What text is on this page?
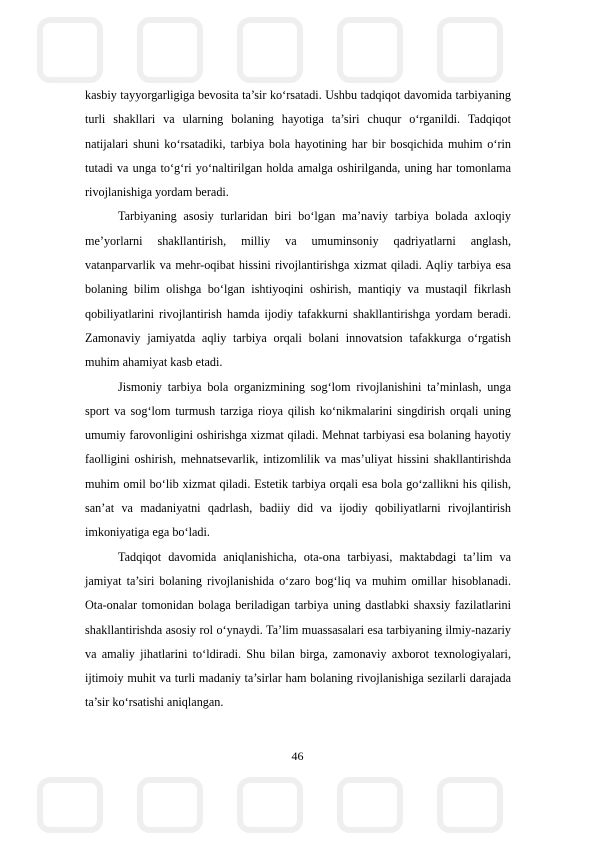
kasbiy tayyorgarligiga bevosita ta’sir ko‘rsatadi. Ushbu tadqiqot davomida tarbiyaning turli shakllari va ularning bolaning hayotiga ta’siri chuqur o‘rganildi. Tadqiqot natijalari shuni ko‘rsatadiki, tarbiya bola hayotining har bir bosqichida muhim o‘rin tutadi va unga to‘g‘ri yo‘naltirilgan holda amalga oshirilganda, uning har tomonlama rivojlanishiga yordam beradi.

Tarbiyaning asosiy turlaridan biri bo‘lgan ma’naviy tarbiya bolada axloqiy me’yorlarni shakllantirish, milliy va umuminsoniy qadriyatlarni anglash, vatanparvarlik va mehr-oqibat hissini rivojlantirishga xizmat qiladi. Aqliy tarbiya esa bolaning bilim olishga bo‘lgan ishtiyoqini oshirish, mantiqiy va mustaqil fikrlash qobiliyatlarini rivojlantirish hamda ijodiy tafakkurni shakllantirishga yordam beradi. Zamonaviy jamiyatda aqliy tarbiya orqali bolani innovatsion tafakkurga o‘rgatish muhim ahamiyat kasb etadi.

Jismoniy tarbiya bola organizmining sog‘lom rivojlanishini ta’minlash, unga sport va sog‘lom turmush tarziga rioya qilish ko‘nikmalarini singdirish orqali uning umumiy farovonligini oshirishga xizmat qiladi. Mehnat tarbiyasi esa bolaning hayotiy faolligini oshirish, mehnatsevarlik, intizomlilik va mas’uliyat hissini shakllantirishda muhim omil bo‘lib xizmat qiladi. Estetik tarbiya orqali esa bola go‘zallikni his qilish, san’at va madaniyatni qadrlash, badiiy did va ijodiy qobiliyatlarni rivojlantirish imkoniyatiga ega bo‘ladi.

Tadqiqot davomida aniqlanishicha, ota-ona tarbiyasi, maktabdagi ta’lim va jamiyat ta’siri bolaning rivojlanishida o‘zaro bog‘liq va muhim omillar hisoblanadi. Ota-onalar tomonidan bolaga beriladigan tarbiya uning dastlabki shaxsiy fazilatlarini shakllantirishda asosiy rol o‘ynaydi. Ta’lim muassasalari esa tarbiyaning ilmiy-nazariy va amaliy jihatlarini to‘ldiradi. Shu bilan birga, zamonaviy axborot texnologiyalari, ijtimoiy muhit va turli madaniy ta’sirlar ham bolaning rivojlanishiga sezilarli darajada ta’sir ko‘rsatishi aniqlangan.

46
